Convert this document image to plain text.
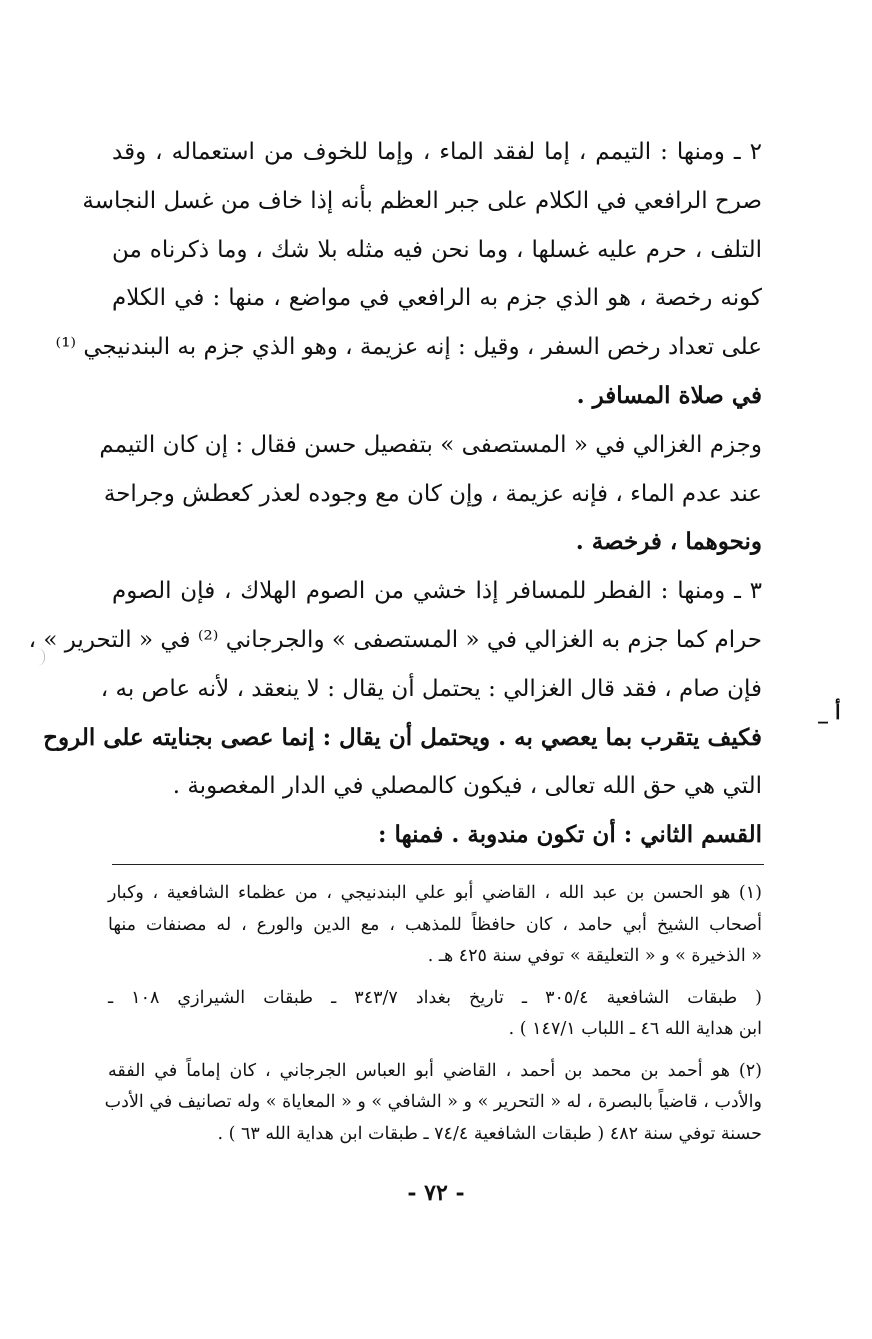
٢ ـ ومنها : التيمم ، إما لفقد الماء ، وإما للخوف من استعماله ، وقد
صرح الرافعي في الكلام على جبر العظم بأنه إذا خاف من غسل النجاسة
التلف ، حرم عليه غسلها ، وما نحن فيه مثله بلا شك ، وما ذكرناه من
كونه رخصة ، هو الذي جزم به الرافعي في مواضع ، منها : في الكلام
على تعداد رخص السفر ، وقيل : إنه عزيمة ، وهو الذي جزم به البندنيجي ⁽¹⁾
في صلاة المسافر .
وجزم الغزالي في « المستصفى » بتفصيل حسن فقال : إن كان التيمم
عند عدم الماء ، فإنه عزيمة ، وإن كان مع وجوده لعذر كعطش وجراحة
ونحوهما ، فرخصة .
٣ ـ ومنها : الفطر للمسافر إذا خشي من الصوم الهلاك ، فإن الصوم
حرام كما جزم به الغزالي في « المستصفى » والجرجاني ⁽²⁾ في « التحرير » ،
فإن صام ، فقد قال الغزالي : يحتمل أن يقال : لا ينعقد ، لأنه عاص به ،
فكيف يتقرب بما يعصي به . ويحتمل أن يقال : إنما عصى بجنايته على الروح
التي هي حق الله تعالى ، فيكون كالمصلي في الدار المغصوبة .
القسم الثاني : أن تكون مندوبة . فمنها :
أ _
(١) هو الحسن بن عبد الله ، القاضي أبو علي البندنيجي ، من عظماء الشافعية ، وكبار
أصحاب الشيخ أبي حامد ، كان حافظاً للمذهب ، مع الدين والورع ، له مصنفات منها
« الذخيرة » و « التعليقة » توفي سنة ٤٢٥ هـ .
( طبقات الشافعية ٣٠٥/٤ ـ تاريخ بغداد ٣٤٣/٧ ـ طبقات الشيرازي ١٠٨ ـ
ابن هداية الله ٤٦ ـ اللباب ١٤٧/١ ) .
(٢) هو أحمد بن محمد بن أحمد ، القاضي أبو العباس الجرجاني ، كان إماماً في الفقه
والأدب ، قاضياً بالبصرة ، له « التحرير » و « الشافي » و « المعاياة » وله تصانيف في الأدب
حسنة توفي سنة ٤٨٢ ( طبقات الشافعية ٧٤/٤ ـ طبقات ابن هداية الله ٦٣ ) .
- ٧٢ -
